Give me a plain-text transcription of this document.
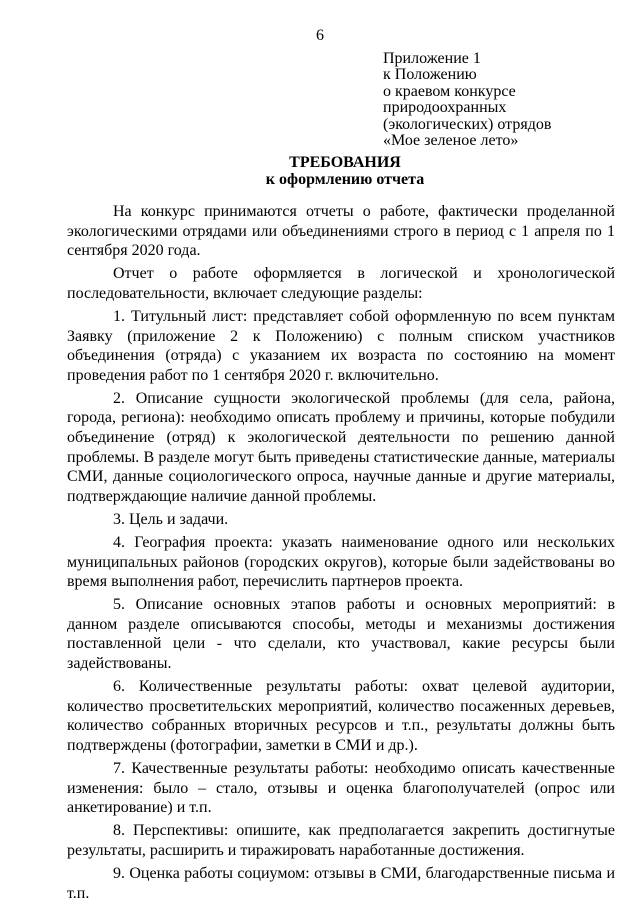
6
Приложение 1
к Положению
о краевом конкурсе
природоохранных
(экологических) отрядов
«Мое зеленое лето»
ТРЕБОВАНИЯ
к оформлению отчета

На конкурс принимаются отчеты о работе, фактически проделанной экологическими отрядами или объединениями строго в период с 1 апреля по 1 сентября 2020 года.

Отчет о работе оформляется в логической и хронологической последовательности, включает следующие разделы:

1. Титульный лист: представляет собой оформленную по всем пунктам Заявку (приложение 2 к Положению) с полным списком участников объединения (отряда) с указанием их возраста по состоянию на момент проведения работ по 1 сентября 2020 г. включительно.

2. Описание сущности экологической проблемы (для села, района, города, региона): необходимо описать проблему и причины, которые побудили объединение (отряд) к экологической деятельности по решению данной проблемы. В разделе могут быть приведены статистические данные, материалы СМИ, данные социологического опроса, научные данные и другие материалы, подтверждающие наличие данной проблемы.

3. Цель и задачи.

4. География проекта: указать наименование одного или нескольких муниципальных районов (городских округов), которые были задействованы во время выполнения работ, перечислить партнеров проекта.

5. Описание основных этапов работы и основных мероприятий: в данном разделе описываются способы, методы и механизмы достижения поставленной цели - что сделали, кто участвовал, какие ресурсы были задействованы.

6. Количественные результаты работы: охват целевой аудитории, количество просветительских мероприятий, количество посаженных деревьев, количество собранных вторичных ресурсов и т.п., результаты должны быть подтверждены (фотографии, заметки в СМИ и др.).

7. Качественные результаты работы: необходимо описать качественные изменения: было – стало, отзывы и оценка благополучателей (опрос или анкетирование) и т.п.

8. Перспективы: опишите, как предполагается закрепить достигнутые результаты, расширить и тиражировать наработанные достижения.

9. Оценка работы социумом: отзывы в СМИ, благодарственные письма и т.п.
